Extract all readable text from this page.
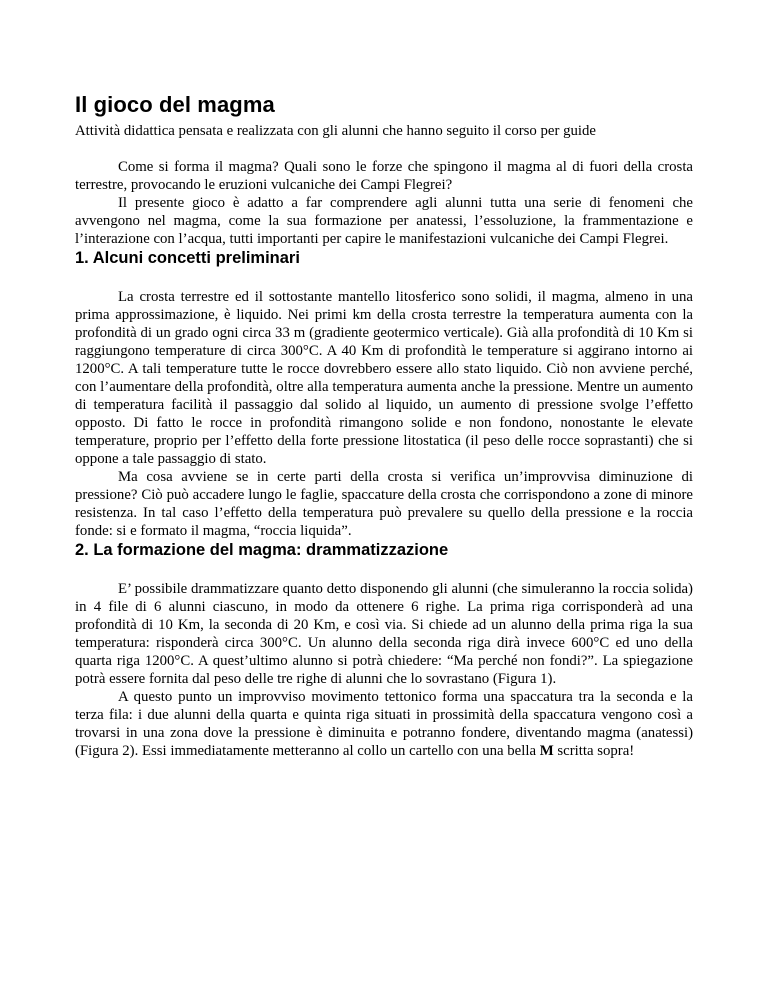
Il gioco del magma
Attività didattica pensata e realizzata con gli alunni che hanno seguito il corso per guide

Come si forma il magma? Quali sono le forze che spingono il magma al di fuori della crosta terrestre, provocando le eruzioni vulcaniche dei Campi Flegrei?

Il presente gioco è adatto a far comprendere agli alunni tutta una serie di fenomeni che avvengono nel magma, come la sua formazione per anatessi, l’essoluzione, la frammentazione e l’interazione con l’acqua, tutti importanti per capire le manifestazioni vulcaniche dei Campi Flegrei.

1. Alcuni concetti preliminari

La crosta terrestre ed il sottostante mantello litosferico sono solidi, il magma, almeno in una prima approssimazione, è liquido. Nei primi km della crosta terrestre la temperatura aumenta con la profondità di un grado ogni circa 33 m (gradiente geotermico verticale). Già alla profondità di 10 Km si raggiungono temperature di circa 300°C. A 40 Km di profondità le temperature si aggirano intorno ai 1200°C. A tali temperature tutte le rocce dovrebbero essere allo stato liquido. Ciò non avviene perché, con l’aumentare della profondità, oltre alla temperatura aumenta anche la pressione. Mentre un aumento di temperatura facilità il passaggio dal solido al liquido, un aumento di pressione svolge l’effetto opposto. Di fatto le rocce in profondità rimangono solide e non fondono, nonostante le elevate temperature, proprio per l’effetto della forte pressione litostatica (il peso delle rocce soprastanti) che si oppone a tale passaggio di stato.

Ma cosa avviene se in certe parti della crosta si verifica un’improvvisa diminuzione di pressione? Ciò può accadere lungo le faglie, spaccature della crosta che corrispondono a zone di minore resistenza. In tal caso l’effetto della temperatura può prevalere su quello della pressione e la roccia fonde: si e formato il magma, “roccia liquida”.

2. La formazione del magma: drammatizzazione

E’ possibile drammatizzare quanto detto disponendo gli alunni (che simuleranno la roccia solida) in 4 file di 6 alunni ciascuno, in modo da ottenere 6 righe. La prima riga corrisponderà ad una profondità di 10 Km, la seconda di 20 Km, e così via. Si chiede ad un alunno della prima riga la sua temperatura: risponderà circa 300°C. Un alunno della seconda riga dirà invece 600°C ed uno della quarta riga 1200°C. A quest’ultimo alunno si potrà chiedere: “Ma perché non fondi?”. La spiegazione potrà essere fornita dal peso delle tre righe di alunni che lo sovrastano (Figura 1).

A questo punto un improvviso movimento tettonico forma una spaccatura tra la seconda e la terza fila: i due alunni della quarta e quinta riga situati in prossimità della spaccatura vengono così a trovarsi in una zona dove la pressione è diminuita e potranno fondere, diventando magma (anatessi) (Figura 2). Essi immediatamente metteranno al collo un cartello con una bella M scritta sopra!
